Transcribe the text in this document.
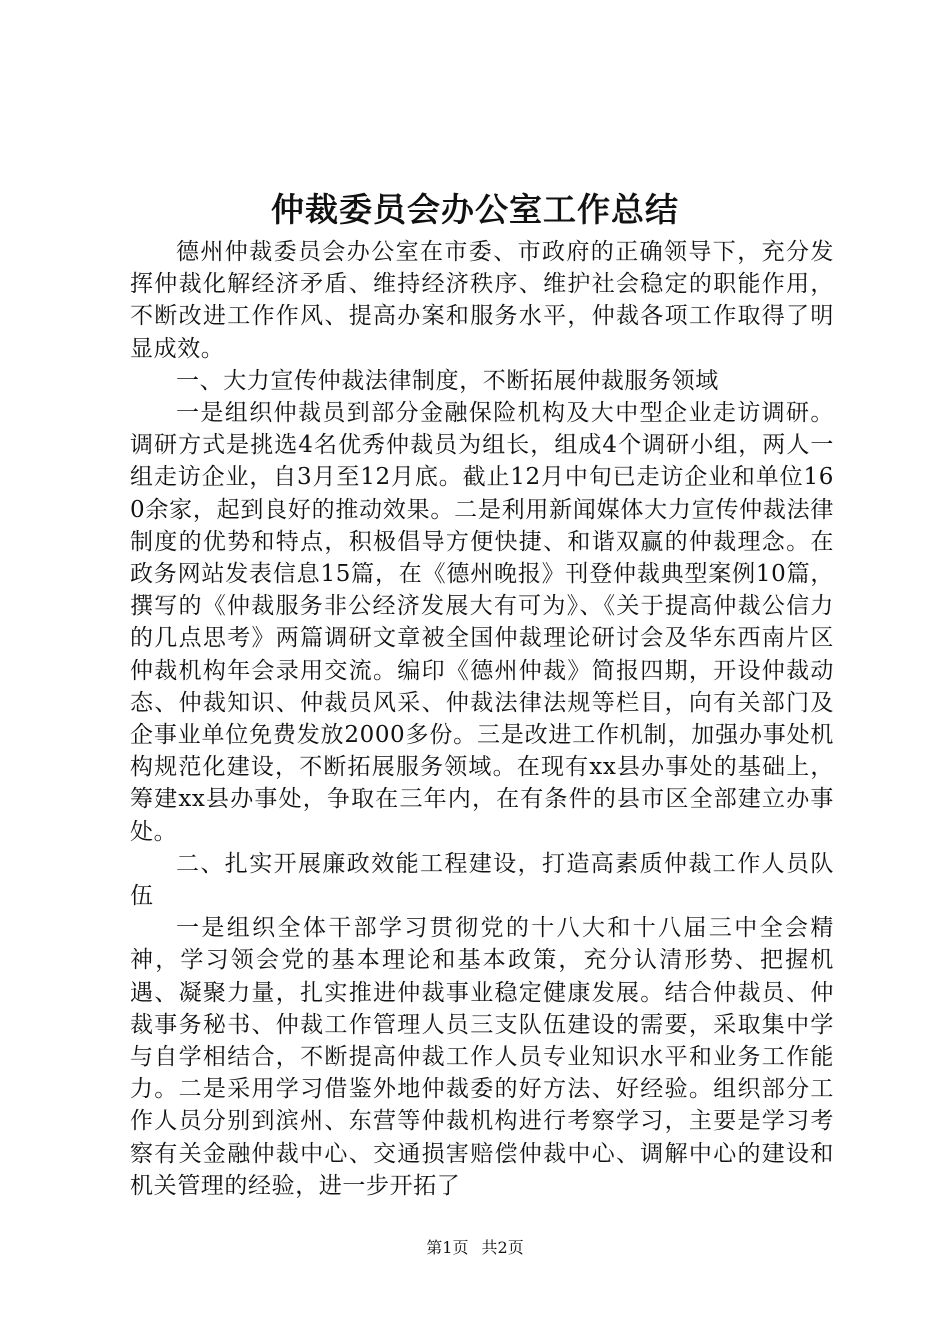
仲裁委员会办公室工作总结

德州仲裁委员会办公室在市委、市政府的正确领导下，充分发挥仲裁化解经济矛盾、维持经济秩序、维护社会稳定的职能作用，不断改进工作作风、提高办案和服务水平，仲裁各项工作取得了明显成效。

一、大力宣传仲裁法律制度，不断拓展仲裁服务领域

一是组织仲裁员到部分金融保险机构及大中型企业走访调研。调研方式是挑选4名优秀仲裁员为组长，组成4个调研小组，两人一组走访企业，自3月至12月底。截止12月中旬已走访企业和单位160余家，起到良好的推动效果。二是利用新闻媒体大力宣传仲裁法律制度的优势和特点，积极倡导方便快捷、和谐双赢的仲裁理念。在政务网站发表信息15篇，在《德州晚报》刊登仲裁典型案例10篇，撰写的《仲裁服务非公经济发展大有可为》、《关于提高仲裁公信力的几点思考》两篇调研文章被全国仲裁理论研讨会及华东西南片区仲裁机构年会录用交流。编印《德州仲裁》简报四期，开设仲裁动态、仲裁知识、仲裁员风采、仲裁法律法规等栏目，向有关部门及企事业单位免费发放2000多份。三是改进工作机制，加强办事处机构规范化建设，不断拓展服务领域。在现有xx县办事处的基础上，筹建xx县办事处，争取在三年内，在有条件的县市区全部建立办事处。

二、扎实开展廉政效能工程建设，打造高素质仲裁工作人员队伍

一是组织全体干部学习贯彻党的十八大和十八届三中全会精神，学习领会党的基本理论和基本政策，充分认清形势、把握机遇、凝聚力量，扎实推进仲裁事业稳定健康发展。结合仲裁员、仲裁事务秘书、仲裁工作管理人员三支队伍建设的需要，采取集中学与自学相结合，不断提高仲裁工作人员专业知识水平和业务工作能力。二是采用学习借鉴外地仲裁委的好方法、好经验。组织部分工作人员分别到滨州、东营等仲裁机构进行考察学习，主要是学习考察有关金融仲裁中心、交通损害赔偿仲裁中心、调解中心的建设和机关管理的经验，进一步开拓了

第1页 共2页
